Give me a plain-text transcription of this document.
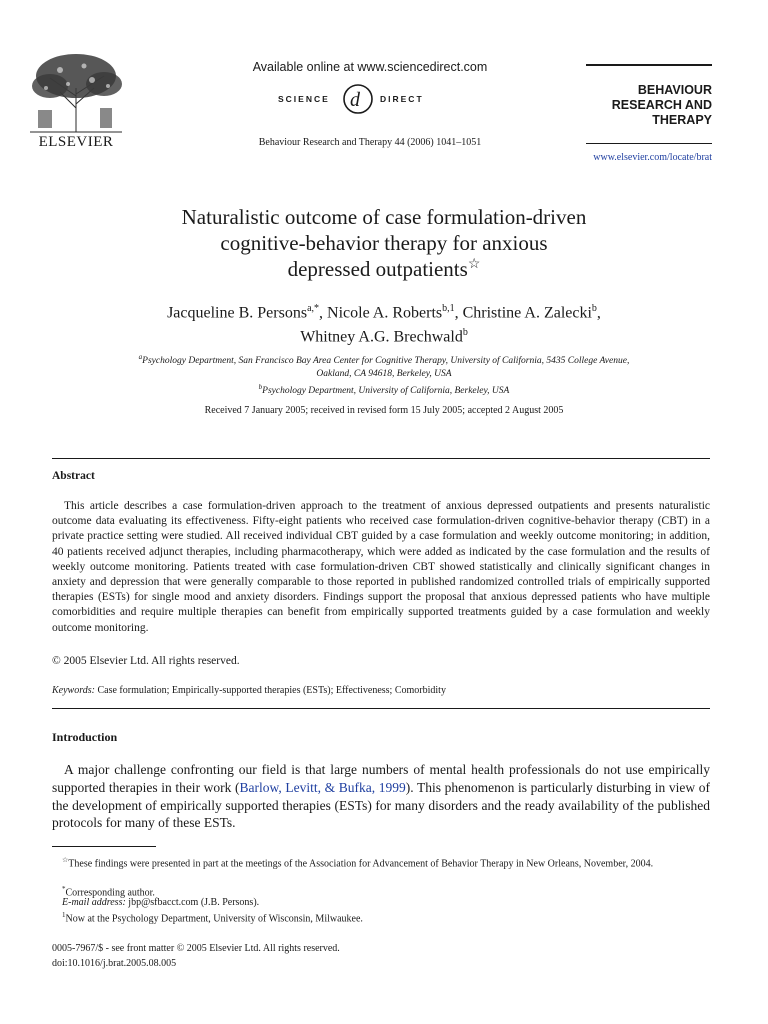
ELSEVIER
Available online at www.sciencedirect.com
SCIENCE d DIRECT
Behaviour Research and Therapy 44 (2006) 1041–1051
BEHAVIOUR
RESEARCH AND
THERAPY
www.elsevier.com/locate/brat
Naturalistic outcome of case formulation-driven
cognitive-behavior therapy for anxious
depressed outpatients☆
Jacqueline B. Persons$^{a,*}$, Nicole A. Roberts$^{b,1}$, Christine A. Zalecki$^b$,
Whitney A.G. Brechwald$^b$
$^a$Psychology Department, San Francisco Bay Area Center for Cognitive Therapy, University of California, 5435 College Avenue,
Oakland, CA 94618, Berkeley, USA
$^b$Psychology Department, University of California, Berkeley, USA
Received 7 January 2005; received in revised form 15 July 2005; accepted 2 August 2005
Abstract
This article describes a case formulation-driven approach to the treatment of anxious depressed outpatients and presents naturalistic outcome data evaluating its effectiveness. Fifty-eight patients who received case formulation-driven cognitive-behavior therapy (CBT) in a private practice setting were studied. All received individual CBT guided by a case formulation and weekly outcome monitoring; in addition, 40 patients received adjunct therapies, including pharmacotherapy, which were added as indicated by the case formulation and the results of weekly outcome monitoring. Patients treated with case formulation-driven CBT showed statistically and clinically significant changes in anxiety and depression that were generally comparable to those reported in published randomized controlled trials of empirically supported therapies (ESTs) for single mood and anxiety disorders. Findings support the proposal that anxious depressed patients who have multiple comorbidities and require multiple therapies can benefit from empirically supported treatments guided by a case formulation and weekly outcome monitoring.
© 2005 Elsevier Ltd. All rights reserved.
Keywords: Case formulation; Empirically-supported therapies (ESTs); Effectiveness; Comorbidity
Introduction
A major challenge confronting our field is that large numbers of mental health professionals do not use empirically supported therapies in their work (Barlow, Levitt, & Bufka, 1999). This phenomenon is particularly disturbing in view of the development of empirically supported therapies (ESTs) for many disorders and the ready availability of the published protocols for many of these ESTs.
☆These findings were presented in part at the meetings of the Association for Advancement of Behavior Therapy in New Orleans, November, 2004.
*Corresponding author.
E-mail address: jbp@sfbacct.com (J.B. Persons).
$^1$Now at the Psychology Department, University of Wisconsin, Milwaukee.
0005-7967/$ - see front matter © 2005 Elsevier Ltd. All rights reserved.
doi:10.1016/j.brat.2005.08.005
